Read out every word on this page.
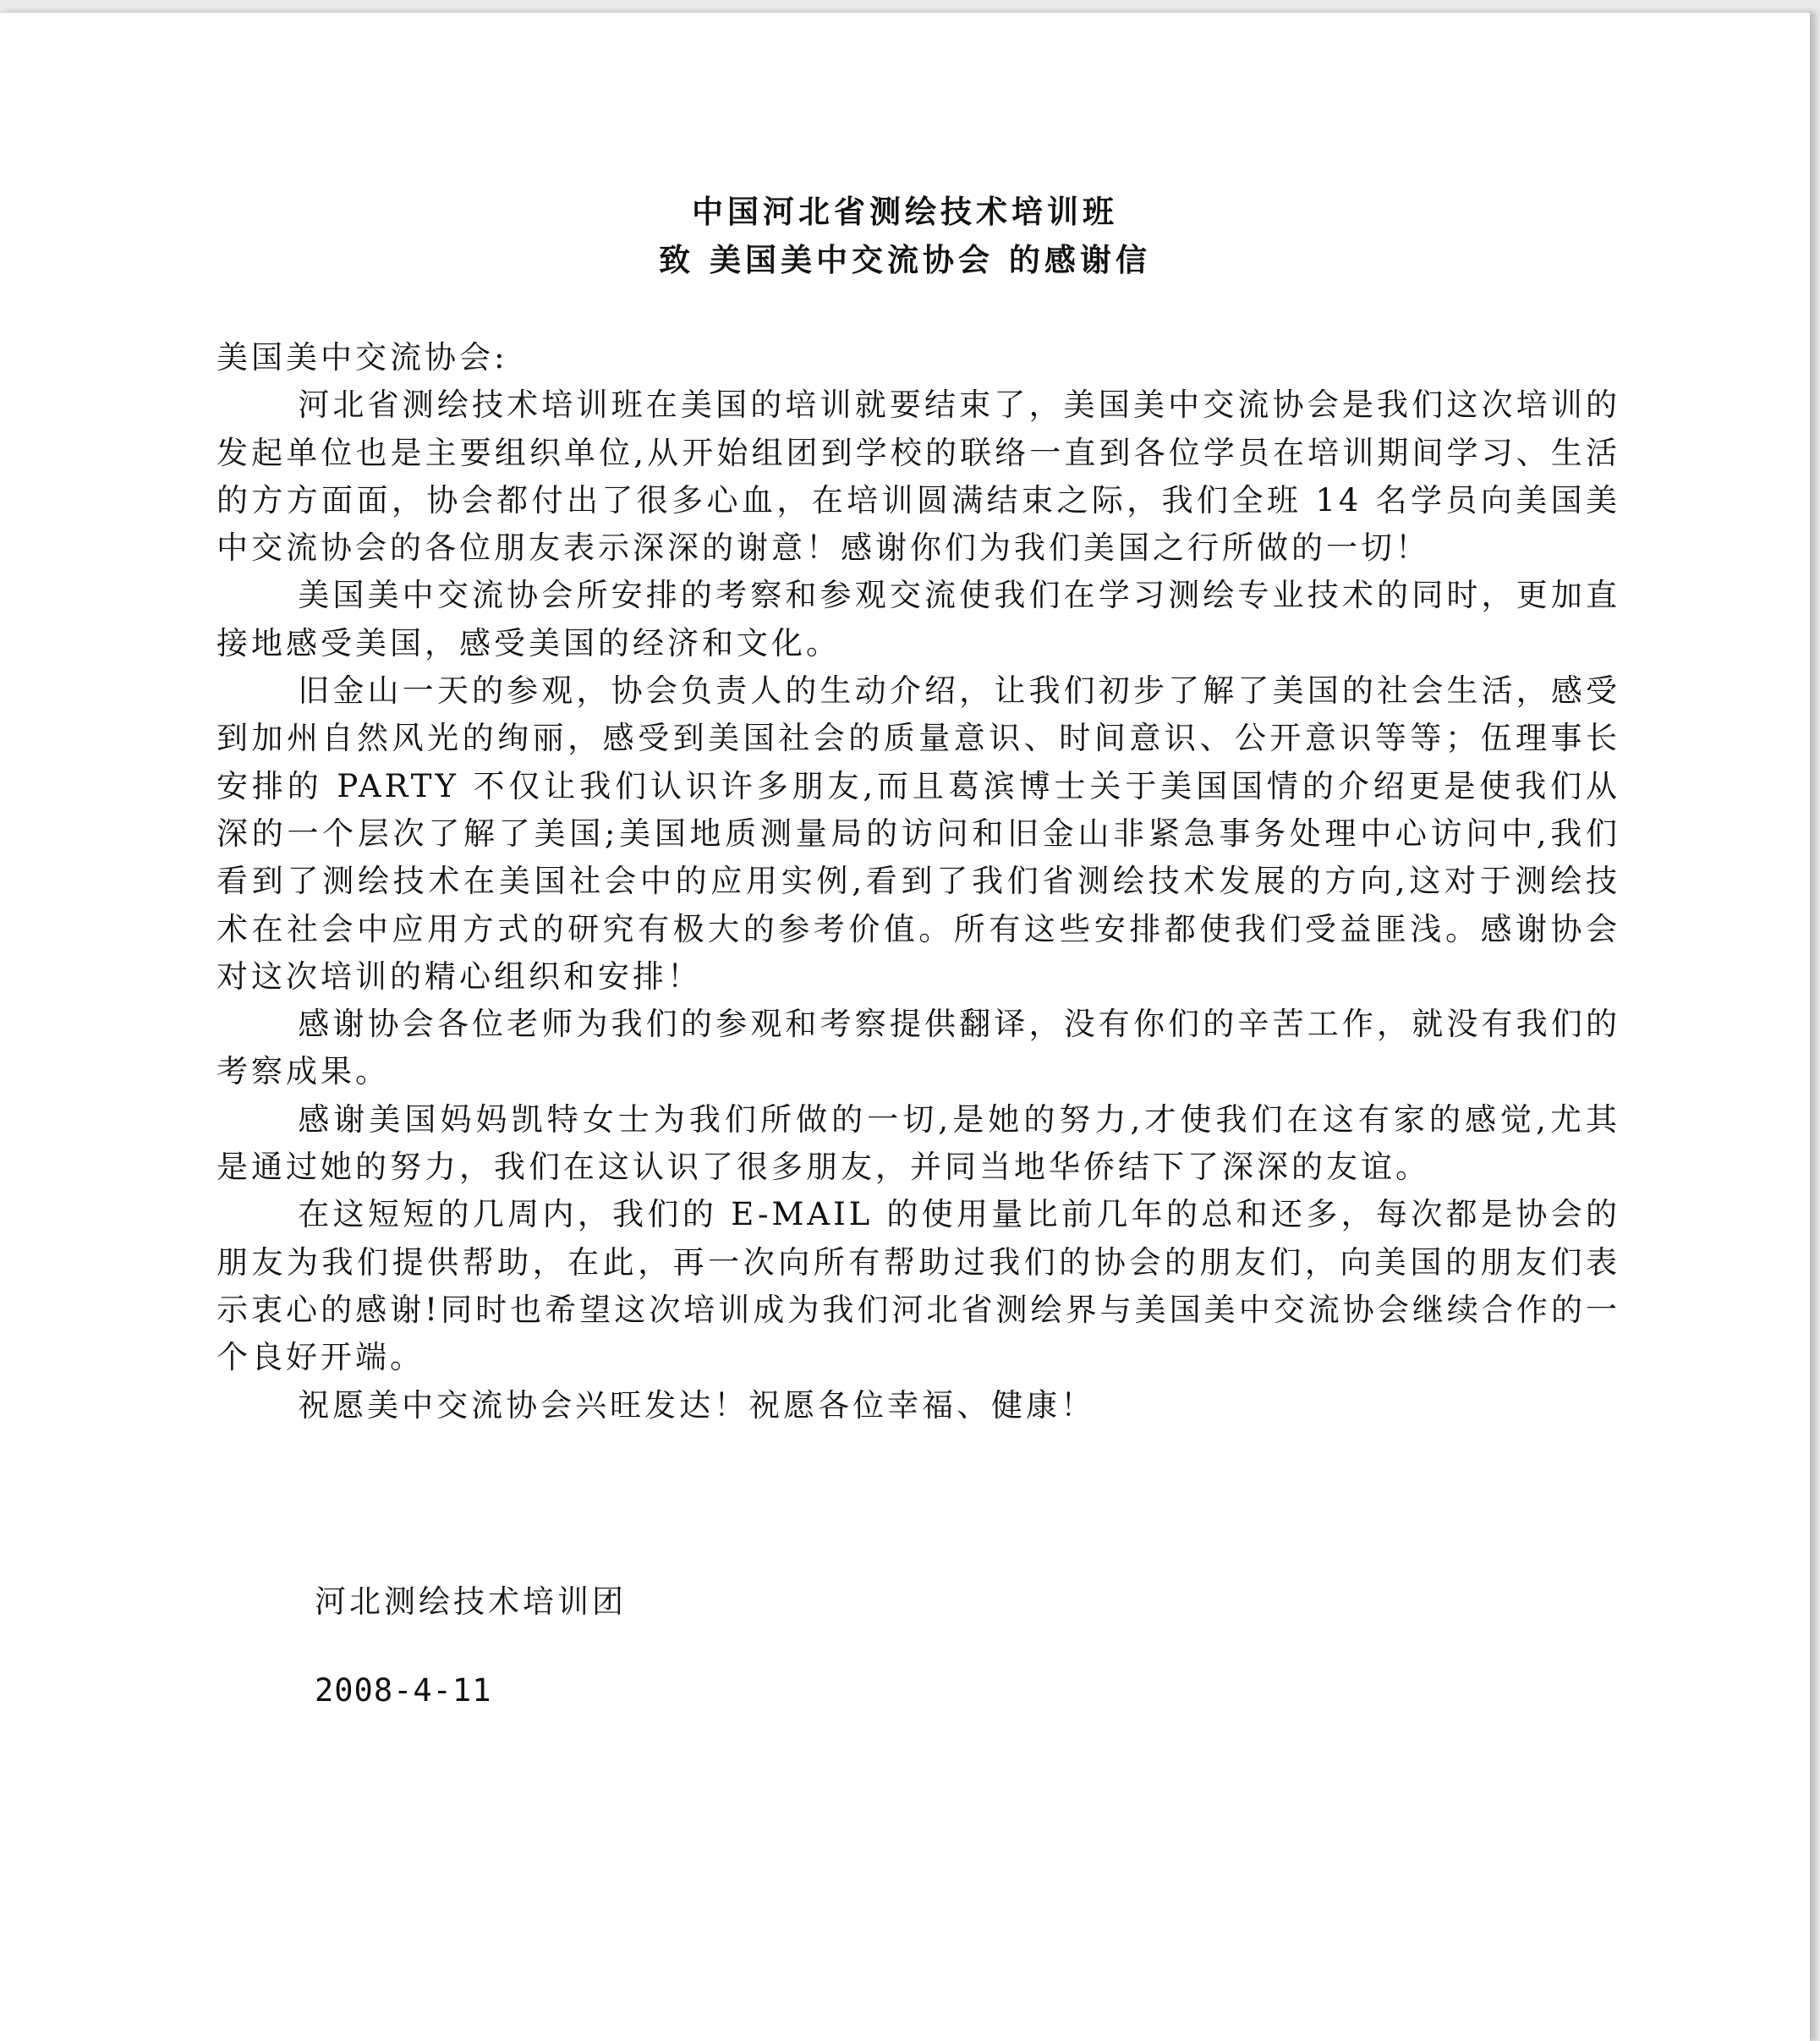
中国河北省测绘技术培训班
致 美国美中交流协会 的感谢信

美国美中交流协会:

河北省测绘技术培训班在美国的培训就要结束了，美国美中交流协会是我们这次培训的发起单位也是主要组织单位,从开始组团到学校的联络一直到各位学员在培训期间学习、生活的方方面面，协会都付出了很多心血，在培训圆满结束之际，我们全班 14 名学员向美国美中交流协会的各位朋友表示深深的谢意！感谢你们为我们美国之行所做的一切！

美国美中交流协会所安排的考察和参观交流使我们在学习测绘专业技术的同时，更加直接地感受美国，感受美国的经济和文化。

旧金山一天的参观，协会负责人的生动介绍，让我们初步了解了美国的社会生活，感受到加州自然风光的绚丽，感受到美国社会的质量意识、时间意识、公开意识等等；伍理事长安排的 PARTY 不仅让我们认识许多朋友,而且葛滨博士关于美国国情的介绍更是使我们从深的一个层次了解了美国;美国地质测量局的访问和旧金山非紧急事务处理中心访问中,我们看到了测绘技术在美国社会中的应用实例,看到了我们省测绘技术发展的方向,这对于测绘技术在社会中应用方式的研究有极大的参考价值。所有这些安排都使我们受益匪浅。感谢协会对这次培训的精心组织和安排！

感谢协会各位老师为我们的参观和考察提供翻译，没有你们的辛苦工作，就没有我们的考察成果。

感谢美国妈妈凯特女士为我们所做的一切,是她的努力,才使我们在这有家的感觉,尤其是通过她的努力，我们在这认识了很多朋友，并同当地华侨结下了深深的友谊。

在这短短的几周内，我们的 E-MAIL 的使用量比前几年的总和还多，每次都是协会的朋友为我们提供帮助，在此，再一次向所有帮助过我们的协会的朋友们，向美国的朋友们表示衷心的感谢!同时也希望这次培训成为我们河北省测绘界与美国美中交流协会继续合作的一个良好开端。

祝愿美中交流协会兴旺发达！祝愿各位幸福、健康！

河北测绘技术培训团
2008-4-11
